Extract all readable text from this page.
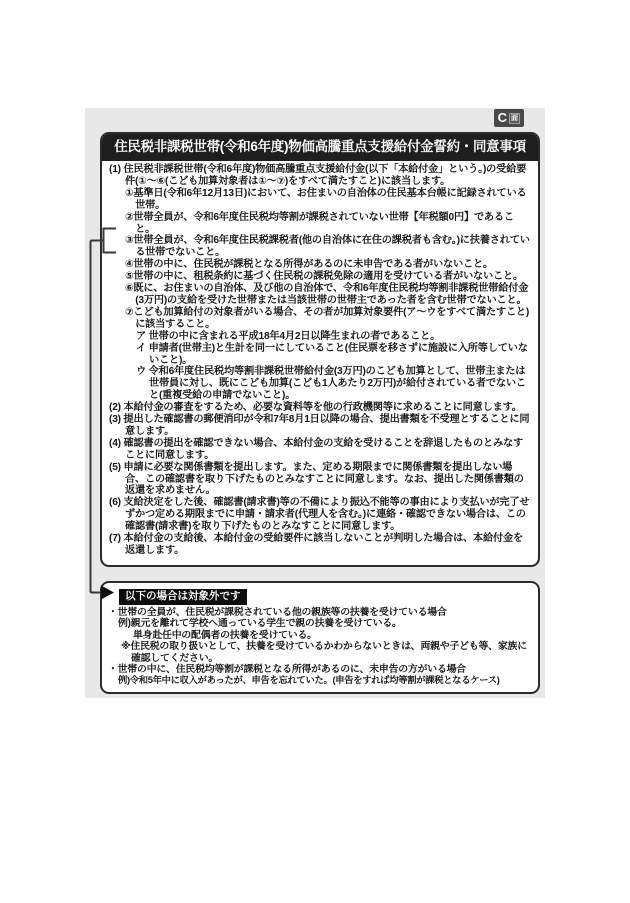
C 面
住民税非課税世帯(令和6年度)物価高騰重点支援給付金誓約・同意事項

(1) 住民税非課税世帯(令和6年度)物価高騰重点支援給付金(以下「本給付金」という。)の受給要件(①～⑥(こども加算対象者は①～⑦)をすべて満たすこと)に該当します。

①基準日(令和6年12月13日)において、お住まいの自治体の住民基本台帳に記録されている世帯。

②世帯全員が、令和6年度住民税均等割が課税されていない世帯【年税額0円】であること。

③世帯全員が、令和6年度住民税課税者(他の自治体に在住の課税者も含む。)に扶養されている世帯でないこと。

④世帯の中に、住民税が課税となる所得があるのに未申告である者がいないこと。

⑤世帯の中に、租税条約に基づく住民税の課税免除の適用を受けている者がいないこと。

⑥既に、お住まいの自治体、及び他の自治体で、令和6年度住民税均等割非課税世帯給付金(3万円)の支給を受けた世帯または当該世帯の世帯主であった者を含む世帯でないこと。

⑦こども加算給付の対象者がいる場合、その者が加算対象要件(ア～ウをすべて満たすこと)に該当すること。

ア 世帯の中に含まれる平成18年4月2日以降生まれの者であること。

イ 申請者(世帯主)と生計を同一にしていること(住民票を移さずに施設に入所等していないこと)。

ウ 令和6年度住民税均等割非課税世帯給付金(3万円)のこども加算として、世帯主または世帯員に対し、既にこども加算(こども1人あたり2万円)が給付されている者でないこと(重複受給の申請でないこと)。

(2) 本給付金の審査をするため、必要な資料等を他の行政機関等に求めることに同意します。

(3) 提出した確認書の郵便消印が令和7年8月1日以降の場合、提出書類を不受理とすることに同意します。

(4) 確認書の提出を確認できない場合、本給付金の支給を受けることを辞退したものとみなすことに同意します。

(5) 申請に必要な関係書類を提出します。また、定める期限までに関係書類を提出しない場合、この確認書を取り下げたものとみなすことに同意します。なお、提出した関係書類の返還を求めません。

(6) 支給決定をした後、確認書(請求書)等の不備により振込不能等の事由により支払いが完了せずかつ定める期限までに申請・請求者(代理人を含む。)に連絡・確認できない場合は、この確認書(請求書)を取り下げたものとみなすことに同意します。

(7) 本給付金の支給後、本給付金の受給要件に該当しないことが判明した場合は、本給付金を返還します。

以下の場合は対象外です

・世帯の全員が、住民税が課税されている他の親族等の扶養を受けている場合

例)親元を離れて学校へ通っている学生で親の扶養を受けている。

単身赴任中の配偶者の扶養を受けている。

※住民税の取り扱いとして、扶養を受けているかわからないときは、両親や子ども等、家族に確認してください。

・世帯の中に、住民税均等割が課税となる所得があるのに、未申告の方がいる場合

例)令和5年中に収入があったが、申告を忘れていた。(申告をすれば均等割が課税となるケース)
